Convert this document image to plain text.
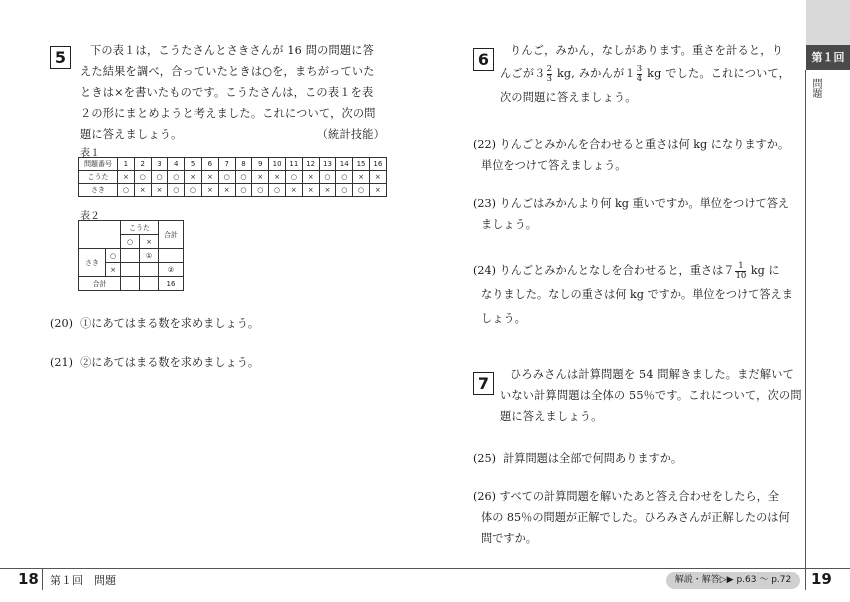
5	下の表１は，こうたさんとさきさんが 16 問の問題に答

えた結果を調べ，合っていたときは○を，まちがっていた

ときは×を書いたものです。こうたさんは，この表１を表

２の形にまとめようと考えました。これについて，次の問

題に答えましょう。	（統計技能）

表１
問題番号	1	2	3	4	5	6	7	8	9	10	11	12	13	14	15	16
こうた	×	○	○	○	×	×	○	○	×	×	○	×	○	○	×	×
さき	○	×	×	○	○	×	×	○	○	○	×	×	×	○	○	×
表２
		こうた		合計
		○	×	
さき	○		①	
	×			②
合計				16
(20) ①にあてはまる数を求めましょう。
(21) ②にあてはまる数を求めましょう。
6	りんご，みかん，なしがあります。重さを計ると，り

んごが$3 \frac{2}{3}$ kg, みかんが$1 \frac{3}{4}$ kg でした。これについて，

次の問題に答えましょう。

(22) りんごとみかんを合わせると重さは何 kg になりますか。
単位をつけて答えましょう。
(23) りんごはみかんより何 kg 重いですか。単位をつけて答え
ましょう。
(24) りんごとみかんとなしを合わせると，重さは$7 \frac{1}{10}$ kg に
なりました。なしの重さは何 kg ですか。単位をつけて答えま
しょう。
7	ひろみさんは計算問題を 54 問解きました。まだ解いて

いない計算問題は全体の 55％です。これについて，次の問

題に答えましょう。

(25) 計算問題は全部で何問ありますか。
(26) すべての計算問題を解いたあと答え合わせをしたら，全
体の 85％の問題が正解でした。ひろみさんが正解したのは何
問ですか。
第１回
問題
18 第１回　問題	解説・解答▷▶ p.63 ～ p.72	19
